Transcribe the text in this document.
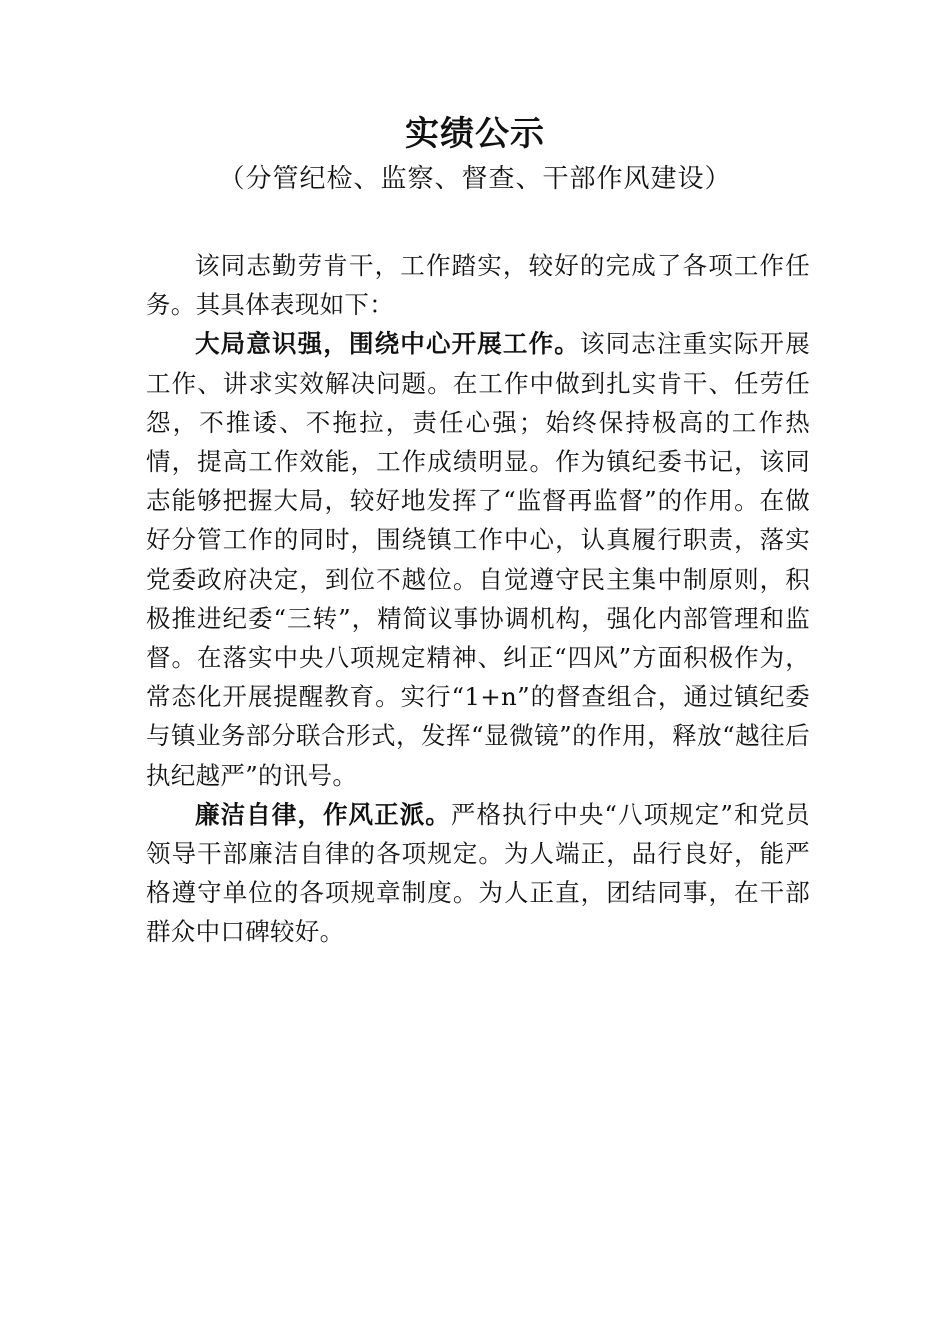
实绩公示
（分管纪检、监察、督查、干部作风建设）

该同志勤劳肯干，工作踏实，较好的完成了各项工作任务。其具体表现如下：

大局意识强，围绕中心开展工作。该同志注重实际开展工作、讲求实效解决问题。在工作中做到扎实肯干、任劳任怨，不推诿、不拖拉，责任心强；始终保持极高的工作热情，提高工作效能，工作成绩明显。作为镇纪委书记，该同志能够把握大局，较好地发挥了“监督再监督”的作用。在做好分管工作的同时，围绕镇工作中心，认真履行职责，落实党委政府决定，到位不越位。自觉遵守民主集中制原则，积极推进纪委“三转”，精简议事协调机构，强化内部管理和监督。在落实中央八项规定精神、纠正“四风”方面积极作为， 常态化开展提醒教育。实行“1+n”的督查组合，通过镇纪委与镇业务部分联合形式，发挥“显微镜”的作用，释放“越往后执纪越严”的讯号。

廉洁自律，作风正派。严格执行中央“八项规定”和党员领导干部廉洁自律的各项规定。为人端正，品行良好，能严格遵守单位的各项规章制度。为人正直，团结同事，在干部群众中口碑较好。
